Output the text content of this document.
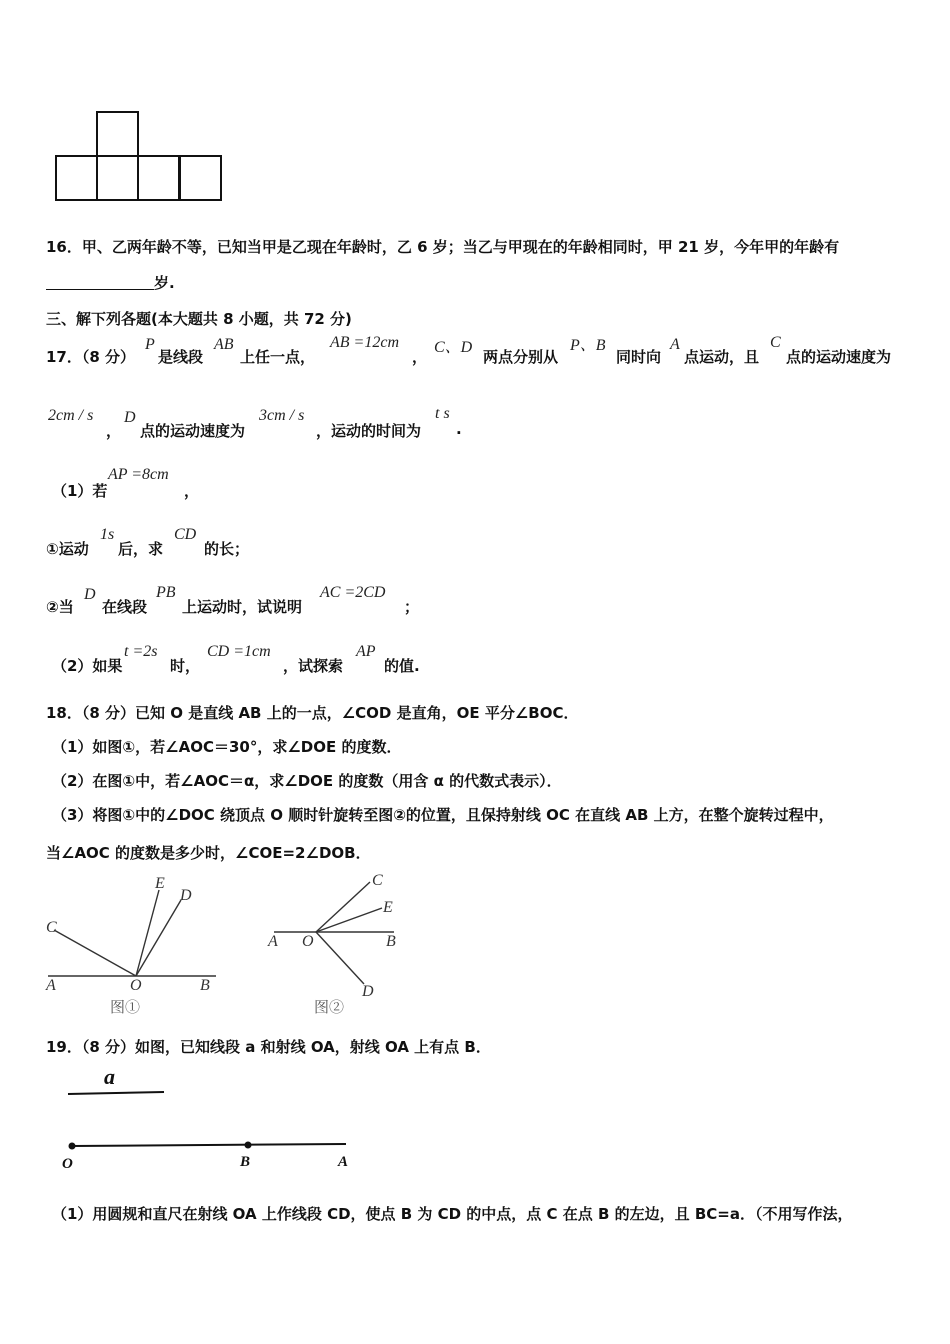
16．甲、乙两年龄不等，已知当甲是乙现在年龄时，乙 6 岁；当乙与甲现在的年龄相同时，甲 21 岁，今年甲的年龄有
岁.
三、解下列各题(本大题共 8 小题，共 72 分)
17．（8 分）
P
是线段
AB
上任一点，
AB =12cm
，
C、D
两点分别从
P、B
同时向
A
点运动，且
C
点的运动速度为
2cm / s
，
D
点的运动速度为
3cm / s
，运动的时间为
t s
.
（1）若
AP =8cm
，
①运动
1s
后，求
CD
的长；
②当
D
在线段
PB
上运动时，试说明
AC =2CD
；
（2）如果
t =2s
时，
CD =1cm
，试探索
AP
的值.
18．（8 分）已知 O 是直线 AB 上的一点，∠COD 是直角，OE 平分∠BOC．
（1）如图①，若∠AOC＝30°，求∠DOE 的度数．
（2）在图①中，若∠AOC＝α，求∠DOE 的度数（用含 α 的代数式表示）．
（3）将图①中的∠DOC 绕顶点 O 顺时针旋转至图②的位置，且保持射线 OC 在直线 AB 上方，在整个旋转过程中，
当∠AOC 的度数是多少时，∠COE=2∠DOB．
C
E
D
A	O	B
图①
C
E
A O	B
D
图②
19．（8 分）如图，已知线段 a 和射线 OA，射线 OA 上有点 B．
a
O	B	A
（1）用圆规和直尺在射线 OA 上作线段 CD，使点 B 为 CD 的中点，点 C 在点 B 的左边，且 BC=a．（不用写作法，
